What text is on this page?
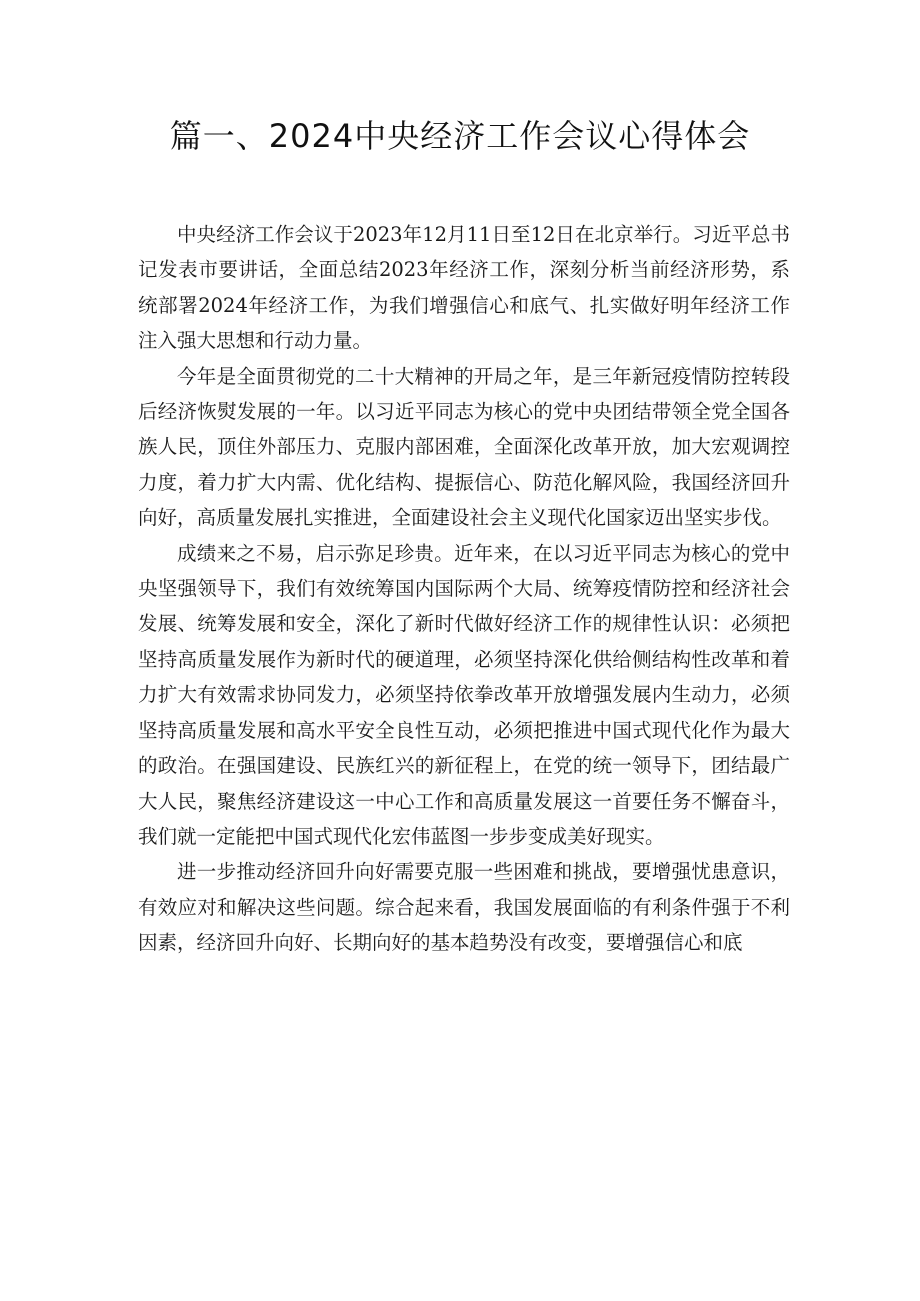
篇一、2024中央经济工作会议心得体会

中央经济工作会议于2023年12月11日至12日在北京举行。习近平总书记发表市要讲话，全面总结2023年经济工作，深刻分析当前经济形势，系统部署2024年经济工作，为我们增强信心和底气、扎实做好明年经济工作注入强大思想和行动力量。

今年是全面贯彻党的二十大精神的开局之年，是三年新冠疫情防控转段后经济恢熨发展的一年。以习近平同志为核心的党中央团结带领全党全国各族人民，顶住外部压力、克服内部困难，全面深化改革开放，加大宏观调控力度，着力扩大内需、优化结构、提振信心、防范化解风险，我国经济回升向好，高质量发展扎实推进，全面建设社会主义现代化国家迈出坚实步伐。

成绩来之不易，启示弥足珍贵。近年来，在以习近平同志为核心的党中央坚强领导下，我们有效统筹国内国际两个大局、统筹疫情防控和经济社会发展、统筹发展和安全，深化了新时代做好经济工作的规律性认识：必须把坚持高质量发展作为新时代的硬道理，必须坚持深化供给侧结构性改革和着力扩大有效需求协同发力，必须坚持依拳改革开放增强发展内生动力，必须坚持高质量发展和高水平安全良性互动，必须把推进中国式现代化作为最大的政治。在强国建设、民族红兴的新征程上，在党的统一领导下，团结最广大人民，聚焦经济建设这一中心工作和高质量发展这一首要任务不懈奋斗，我们就一定能把中国式现代化宏伟蓝图一步步变成美好现实。

进一步推动经济回升向好需要克服一些困难和挑战，要增强忧患意识，有效应对和解决这些问题。综合起来看，我国发展面临的有利条件强于不利因素，经济回升向好、长期向好的基本趋势没有改变，要增强信心和底
